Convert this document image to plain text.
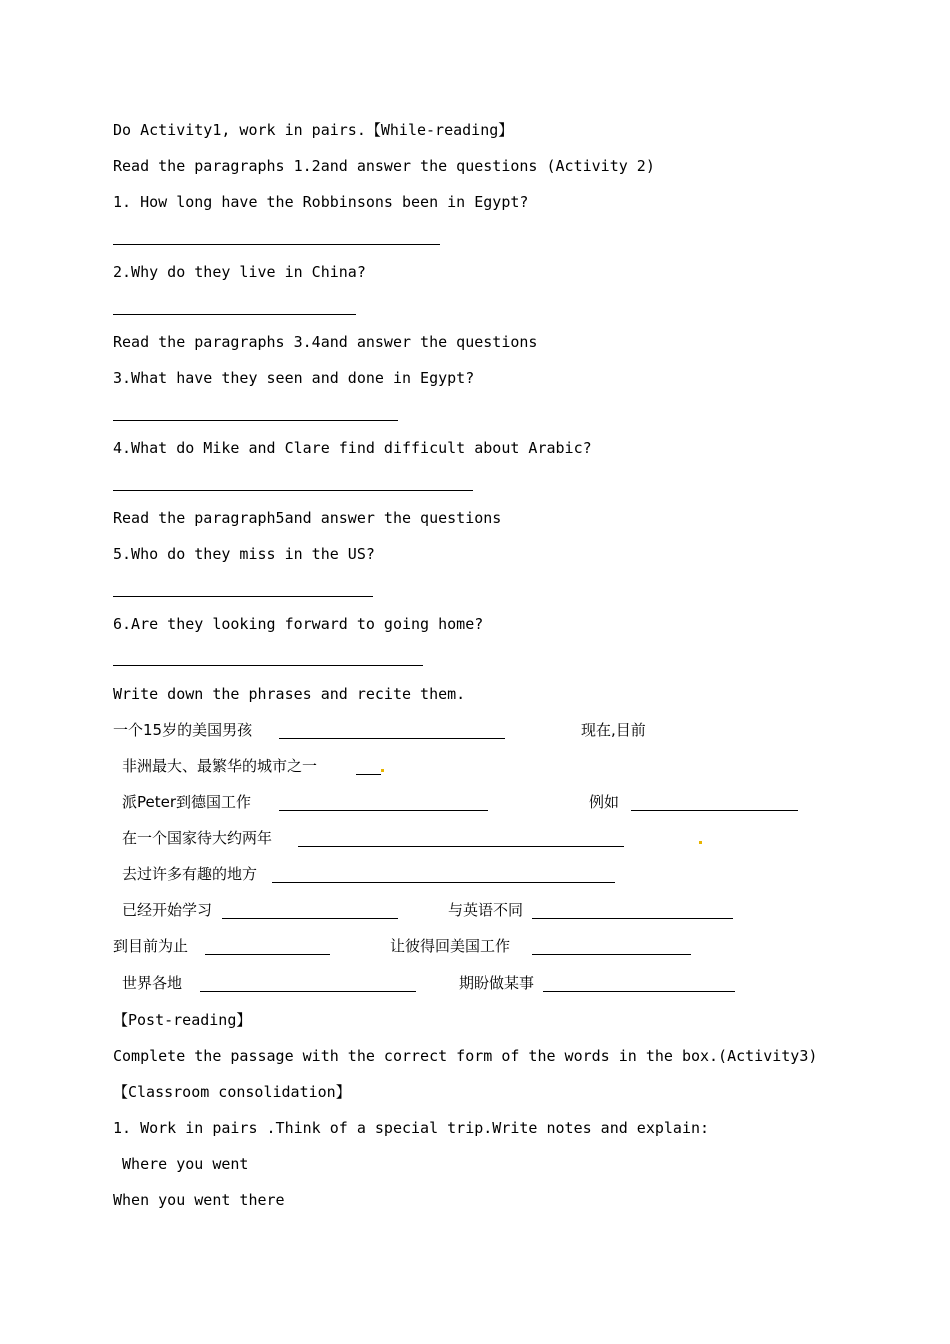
Do Activity1, work in pairs.【While-reading】
Read the paragraphs 1.2and answer the questions (Activity 2)
1. How long have the Robbinsons been in Egypt?
2.Why do they live in China?
Read the paragraphs 3.4and answer the questions
3.What have they seen and done in Egypt?
4.What do Mike and Clare find difficult about Arabic?
Read the paragraph5and answer the questions
5.Who do they miss in the US?
6.Are they looking forward to going home?
Write down the phrases and recite them.
一个15岁的美国男孩	现在,目前
非洲最大、最繁华的城市之一
派Peter到德国工作	例如
在一个国家待大约两年
去过许多有趣的地方
已经开始学习	与英语不同
到目前为止	让彼得回美国工作
世界各地	期盼做某事
【Post-reading】
Complete the passage with the correct form of the words in the box.(Activity3)
【Classroom consolidation】
1. Work in pairs .Think of a special trip.Write notes and explain:
Where you went
When you went there
